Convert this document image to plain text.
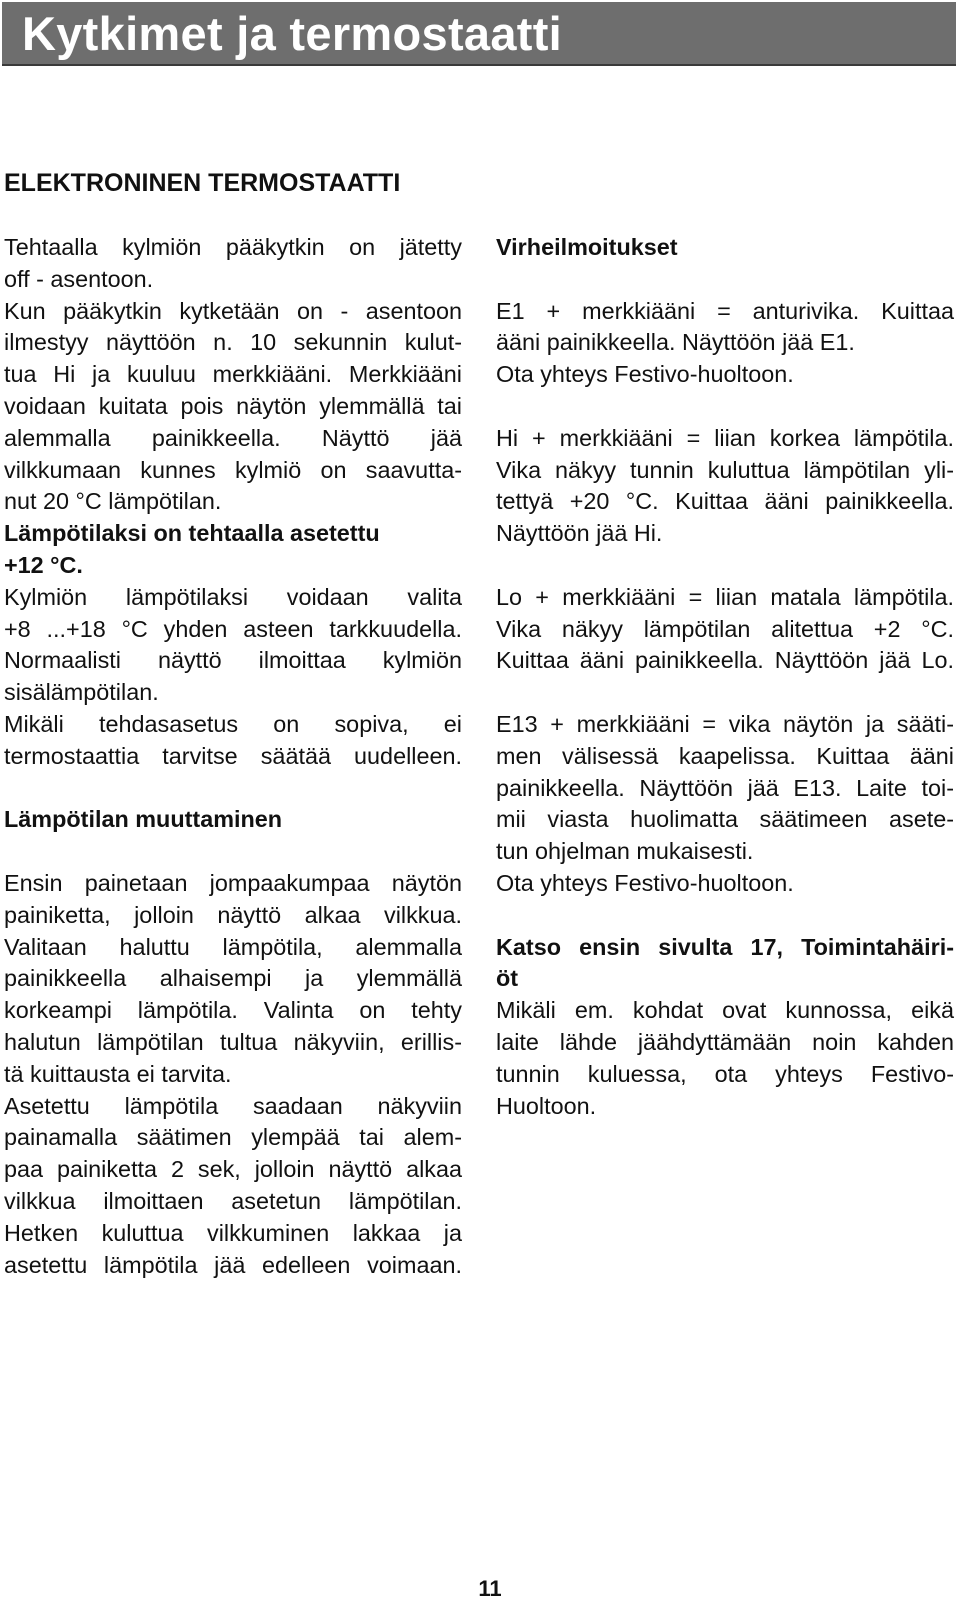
Kytkimet ja termostaatti
ELEKTRONINEN TERMOSTAATTI
Tehtaalla kylmiön pääkytkin on jätetty
off - asentoon.
Kun pääkytkin kytketään on - asentoon
ilmestyy näyttöön n. 10 sekunnin kulut-
tua Hi ja kuuluu merkkiääni. Merkkiääni
voidaan kuitata pois näytön ylemmällä tai
alemmalla painikkeella. Näyttö jää
vilkkumaan kunnes kylmiö on saavutta-
nut 20 °C lämpötilan.
Lämpötilaksi on tehtaalla asetettu
+12 °C.
Kylmiön lämpötilaksi voidaan valita
+8 ...+18 °C yhden asteen tarkkuudella.
Normaalisti näyttö ilmoittaa kylmiön
sisälämpötilan.
Mikäli tehdasasetus on sopiva, ei
termostaattia tarvitse säätää uudelleen.
Lämpötilan muuttaminen
Ensin painetaan jompaakumpaa näytön
painiketta, jolloin näyttö alkaa vilkkua.
Valitaan haluttu lämpötila, alemmalla
painikkeella alhaisempi ja ylemmällä
korkeampi lämpötila. Valinta on tehty
halutun lämpötilan tultua näkyviin, erillis-
tä kuittausta ei tarvita.
Asetettu lämpötila saadaan näkyviin
painamalla säätimen ylempää tai alem-
paa painiketta 2 sek, jolloin näyttö alkaa
vilkkua ilmoittaen asetetun lämpötilan.
Hetken kuluttua vilkkuminen lakkaa ja
asetettu lämpötila jää edelleen voimaan.
Virheilmoitukset
E1 + merkkiääni = anturivika. Kuittaa
ääni painikkeella. Näyttöön jää E1.
Ota yhteys Festivo-huoltoon.
Hi + merkkiääni = liian korkea lämpötila.
Vika näkyy tunnin kuluttua lämpötilan yli-
tettyä +20 °C. Kuittaa ääni painikkeella.
Näyttöön jää Hi.
Lo + merkkiääni = liian matala lämpötila.
Vika näkyy lämpötilan alitettua +2 °C.
Kuittaa ääni painikkeella. Näyttöön jää Lo.
E13 + merkkiääni = vika näytön ja sääti-
men välisessä kaapelissa. Kuittaa ääni
painikkeella. Näyttöön jää E13. Laite toi-
mii viasta huolimatta säätimeen asete-
tun ohjelman mukaisesti.
Ota yhteys Festivo-huoltoon.
Katso ensin sivulta 17, Toimintahäiri-
öt
Mikäli em. kohdat ovat kunnossa, eikä
laite lähde jäähdyttämään noin kahden
tunnin kuluessa, ota yhteys Festivo-
Huoltoon.
11
